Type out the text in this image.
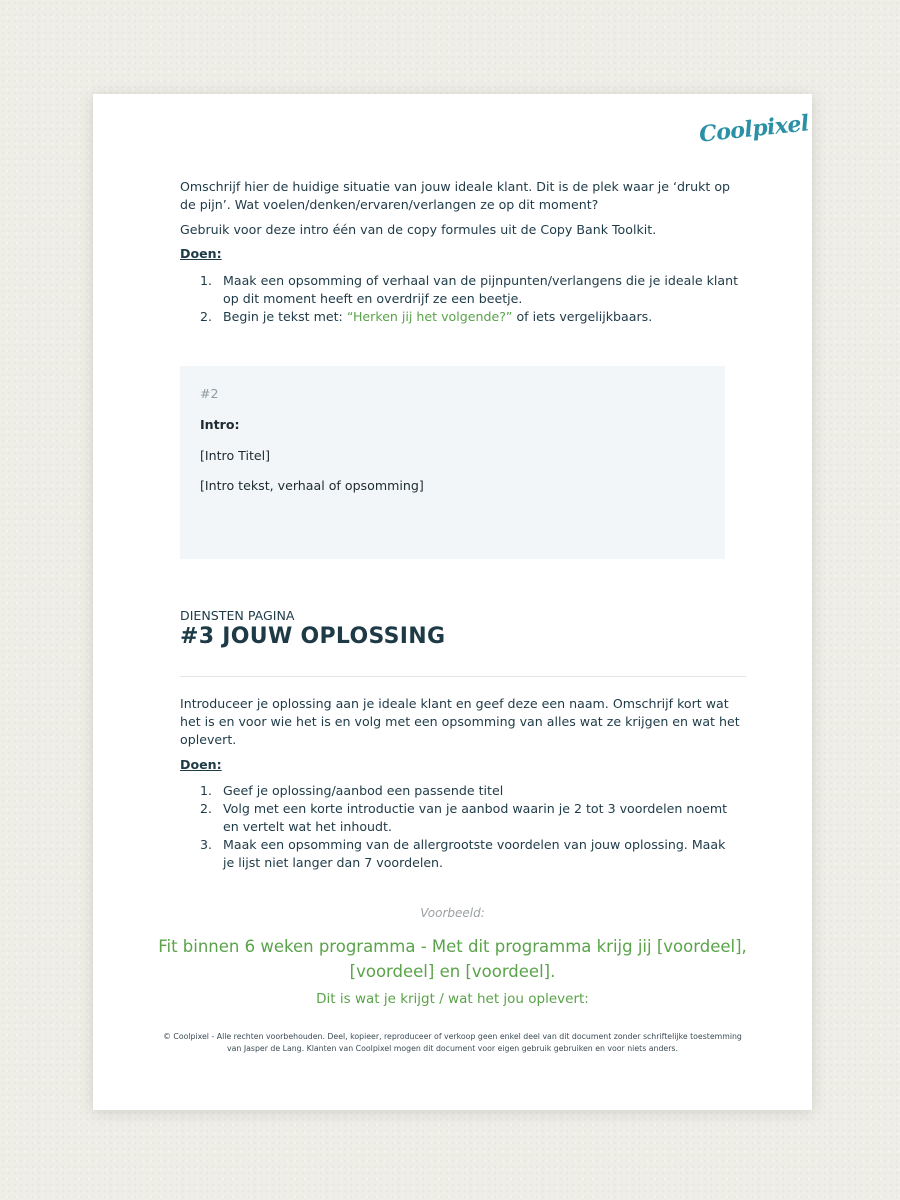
Coolpixel

Omschrijf hier de huidige situatie van jouw ideale klant. Dit is de plek waar je ‘drukt op de pijn’. Wat voelen/denken/ervaren/verlangen ze op dit moment?

Gebruik voor deze intro één van de copy formules uit de Copy Bank Toolkit.

Doen:
1. Maak een opsomming of verhaal van de pijnpunten/verlangens die je ideale klant op dit moment heeft en overdrijf ze een beetje.
2. Begin je tekst met: “Herken jij het volgende?” of iets vergelijkbaars.
#2
Intro:
[Intro Titel]
[Intro tekst, verhaal of opsomming]
DIENSTEN PAGINA
#3 JOUW OPLOSSING

Introduceer je oplossing aan je ideale klant en geef deze een naam. Omschrijf kort wat het is en voor wie het is en volg met een opsomming van alles wat ze krijgen en wat het oplevert.

Doen:
1. Geef je oplossing/aanbod een passende titel
2. Volg met een korte introductie van je aanbod waarin je 2 tot 3 voordelen noemt en vertelt wat het inhoudt.
3. Maak een opsomming van de allergrootste voordelen van jouw oplossing. Maak je lijst niet langer dan 7 voordelen.
Voorbeeld:
Fit binnen 6 weken programma - Met dit programma krijg jij [voordeel], [voordeel] en [voordeel].
Dit is wat je krijgt / wat het jou oplevert:
© Coolpixel - Alle rechten voorbehouden. Deel, kopieer, reproduceer of verkoop geen enkel deel van dit document zonder schriftelijke toestemming van Jasper de Lang. Klanten van Coolpixel mogen dit document voor eigen gebruik gebruiken en voor niets anders.
